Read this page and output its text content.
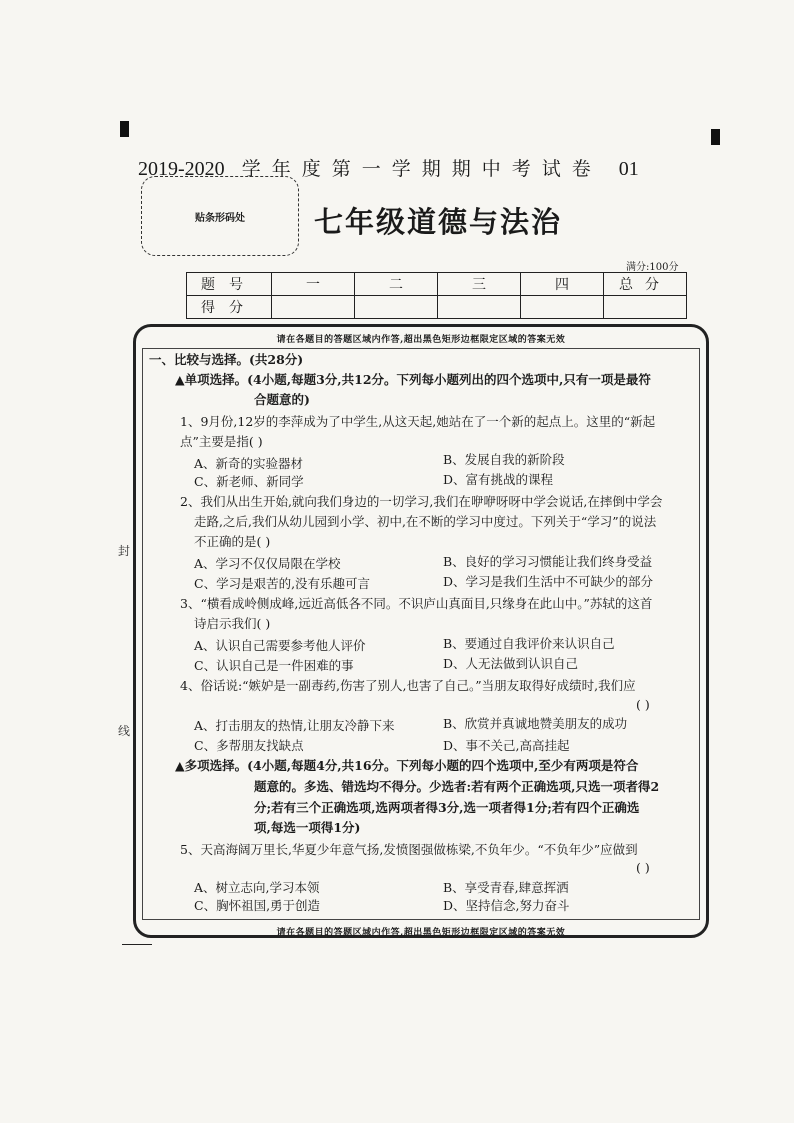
2019-2020 学年度第一学期期中考试卷 01
贴条形码处 七年级道德与法治
满分:100分
题号	一	二	三	四	总分
得分					
请在各题目的答题区域内作答,超出黑色矩形边框限定区域的答案无效
请在各题目的答题区域内作答,超出黑色矩形边框限定区域的答案无效
封
线
一、比较与选择。(共28分)
▲单项选择。(4小题,每题3分,共12分。下列每小题列出的四个选项中,只有一项是最符
合题意的)
1、9月份,12岁的李萍成为了中学生,从这天起,她站在了一个新的起点上。这里的“新起
点”主要是指( )
A、新奇的实验器材	B、发展自我的新阶段
C、新老师、新同学	D、富有挑战的课程
2、我们从出生开始,就向我们身边的一切学习,我们在咿咿呀呀中学会说话,在摔倒中学会
走路,之后,我们从幼儿园到小学、初中,在不断的学习中度过。下列关于“学习”的说法
不正确的是( )
A、学习不仅仅局限在学校	B、良好的学习习惯能让我们终身受益
C、学习是艰苦的,没有乐趣可言	D、学习是我们生活中不可缺少的部分
3、“横看成岭侧成峰,远近高低各不同。不识庐山真面目,只缘身在此山中。”苏轼的这首
诗启示我们( )
A、认识自己需要参考他人评价	B、要通过自我评价来认识自己
C、认识自己是一件困难的事	D、人无法做到认识自己
4、俗话说:“嫉妒是一副毒药,伤害了别人,也害了自己。”当朋友取得好成绩时,我们应
( )
A、打击朋友的热情,让朋友冷静下来	B、欣赏并真诚地赞美朋友的成功
C、多帮朋友找缺点	D、事不关己,高高挂起
▲多项选择。(4小题,每题4分,共16分。下列每小题的四个选项中,至少有两项是符合
题意的。多选、错选均不得分。少选者:若有两个正确选项,只选一项者得2
分;若有三个正确选项,选两项者得3分,选一项者得1分;若有四个正确选
项,每选一项得1分)
5、天高海阔万里长,华夏少年意气扬,发愤图强做栋梁,不负年少。“不负年少”应做到
( )
A、树立志向,学习本领	B、享受青春,肆意挥洒
C、胸怀祖国,勇于创造	D、坚持信念,努力奋斗
